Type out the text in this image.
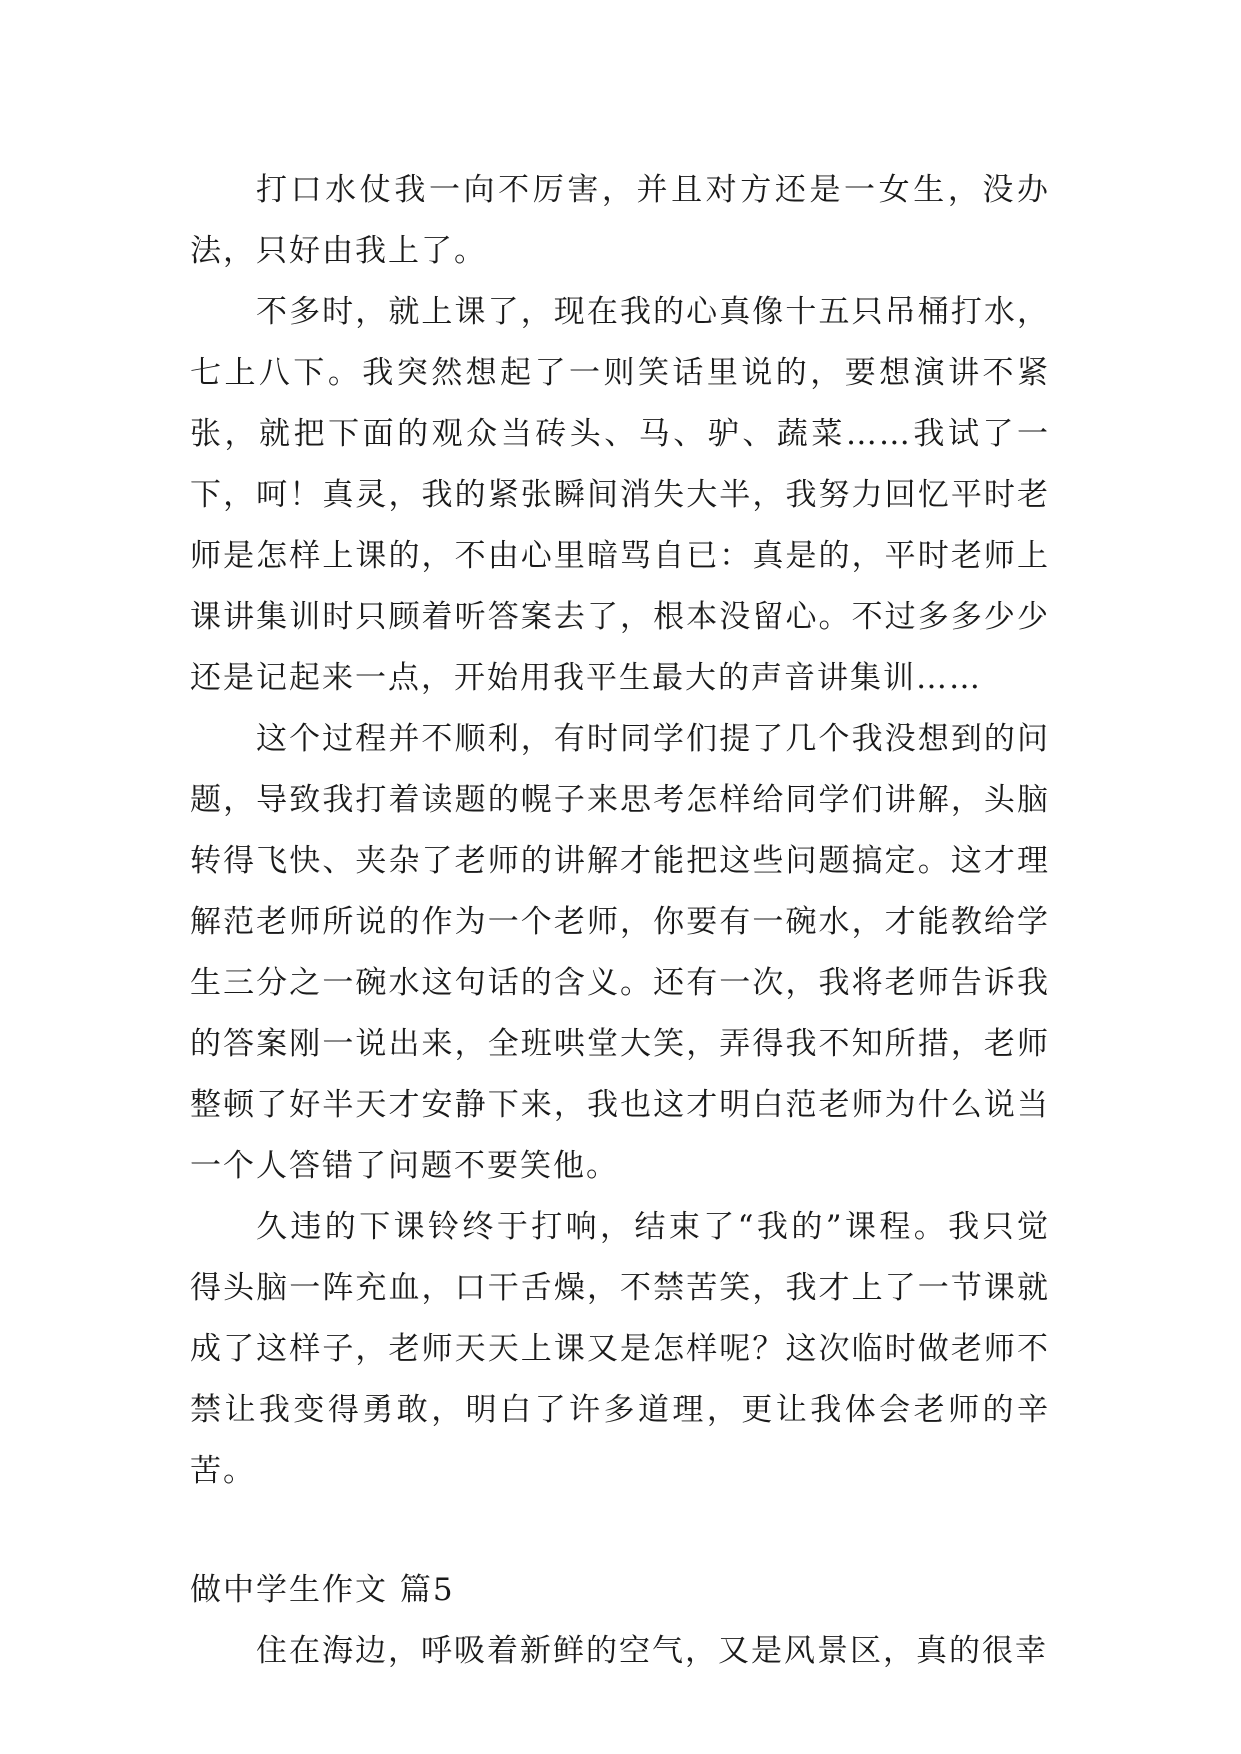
打口水仗我一向不厉害，并且对方还是一女生，没办法，只好由我上了。

不多时，就上课了，现在我的心真像十五只吊桶打水，七上八下。我突然想起了一则笑话里说的，要想演讲不紧张，就把下面的观众当砖头、马、驴、蔬菜……我试了一下，呵！真灵，我的紧张瞬间消失大半，我努力回忆平时老师是怎样上课的，不由心里暗骂自已：真是的，平时老师上课讲集训时只顾着听答案去了，根本没留心。不过多多少少还是记起来一点，开始用我平生最大的声音讲集训……

这个过程并不顺利，有时同学们提了几个我没想到的问题，导致我打着读题的幌子来思考怎样给同学们讲解，头脑转得飞快、夹杂了老师的讲解才能把这些问题搞定。这才理解范老师所说的作为一个老师，你要有一碗水，才能教给学生三分之一碗水这句话的含义。还有一次，我将老师告诉我的答案刚一说出来，全班哄堂大笑，弄得我不知所措，老师整顿了好半天才安静下来，我也这才明白范老师为什么说当一个人答错了问题不要笑他。

久违的下课铃终于打响，结束了“我的”课程。我只觉得头脑一阵充血，口干舌燥，不禁苦笑，我才上了一节课就成了这样子，老师天天上课又是怎样呢？这次临时做老师不禁让我变得勇敢，明白了许多道理，更让我体会老师的辛苦。

做中学生作文 篇5

住在海边，呼吸着新鲜的空气，又是风景区，真的很幸
